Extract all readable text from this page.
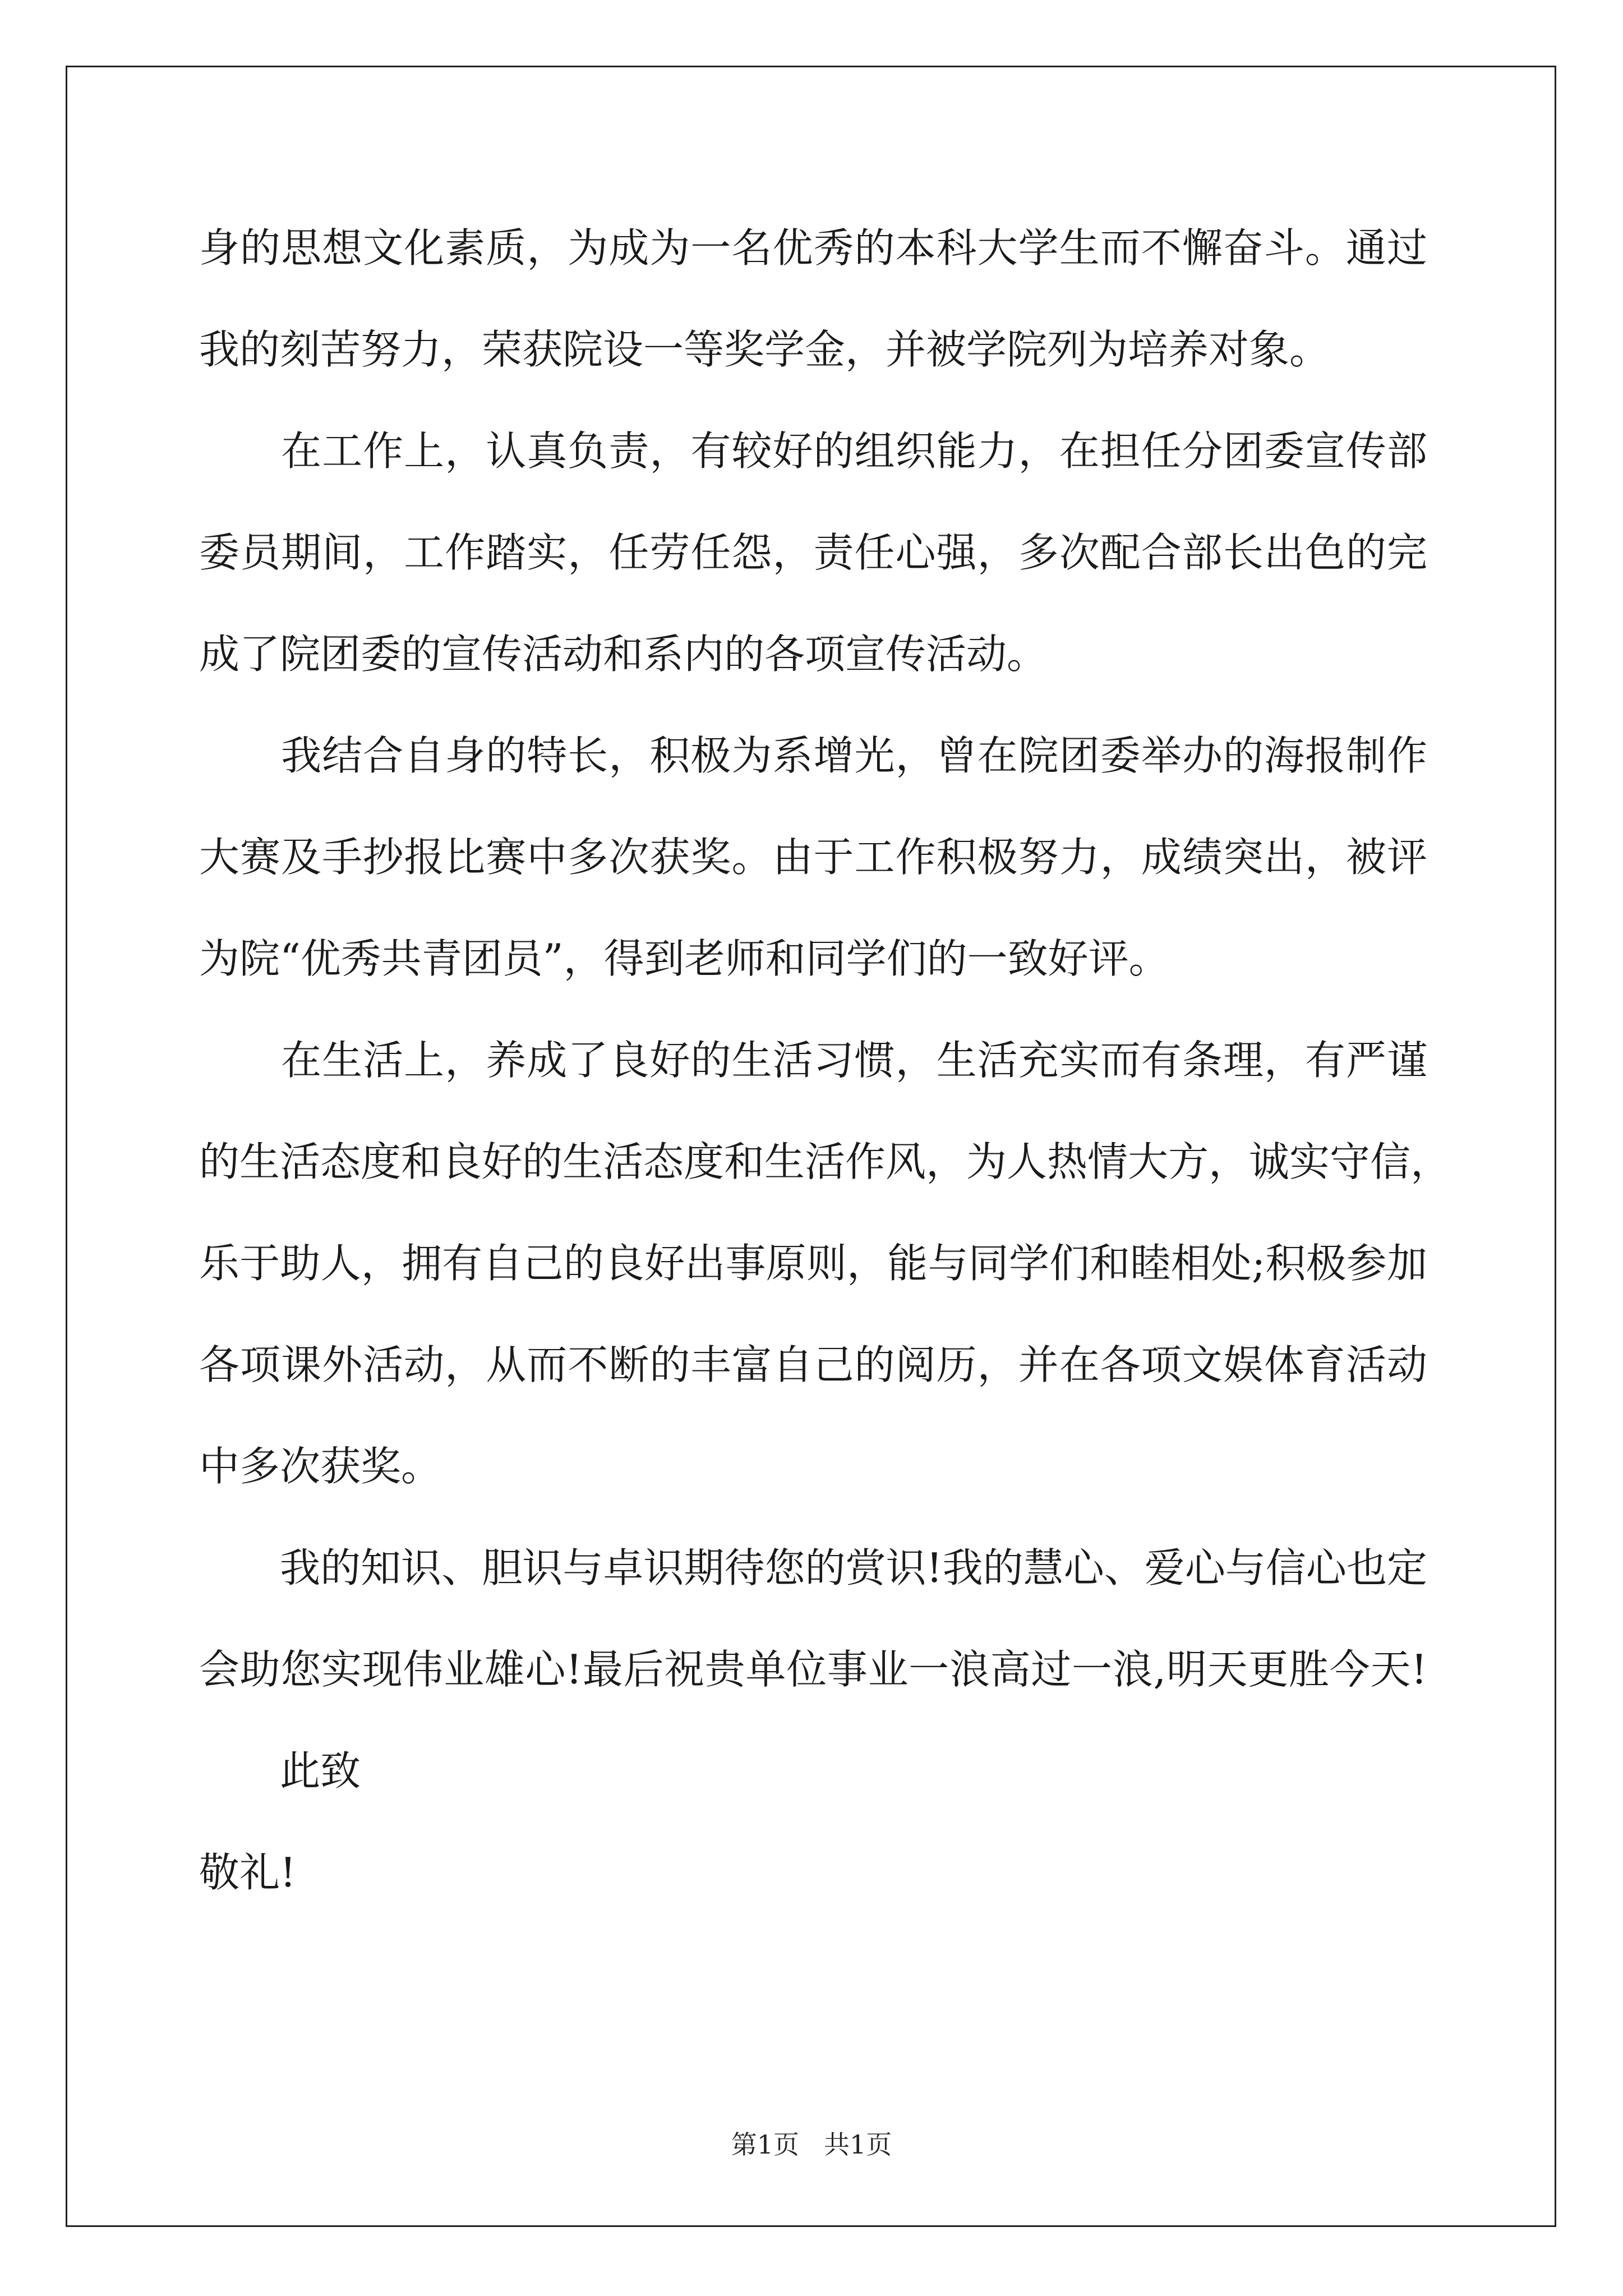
身的思想文化素质，为成为一名优秀的本科大学生而不懈奋斗。通过
我的刻苦努力，荣获院设一等奖学金，并被学院列为培养对象。
　　在工作上，认真负责，有较好的组织能力，在担任分团委宣传部
委员期间，工作踏实，任劳任怨，责任心强，多次配合部长出色的完
成了院团委的宣传活动和系内的各项宣传活动。
　　我结合自身的特长，积极为系增光，曾在院团委举办的海报制作
大赛及手抄报比赛中多次获奖。由于工作积极努力，成绩突出，被评
为院“优秀共青团员”，得到老师和同学们的一致好评。
　　在生活上，养成了良好的生活习惯，生活充实而有条理，有严谨
的生活态度和良好的生活态度和生活作风，为人热情大方，诚实守信，
乐于助人，拥有自己的良好出事原则，能与同学们和睦相处;积极参加
各项课外活动，从而不断的丰富自己的阅历，并在各项文娱体育活动
中多次获奖。
　　我的知识、胆识与卓识期待您的赏识!我的慧心、爱心与信心也定
会助您实现伟业雄心!最后祝贵单位事业一浪高过一浪,明天更胜今天!
　　此致
敬礼!
第1页 共1页
